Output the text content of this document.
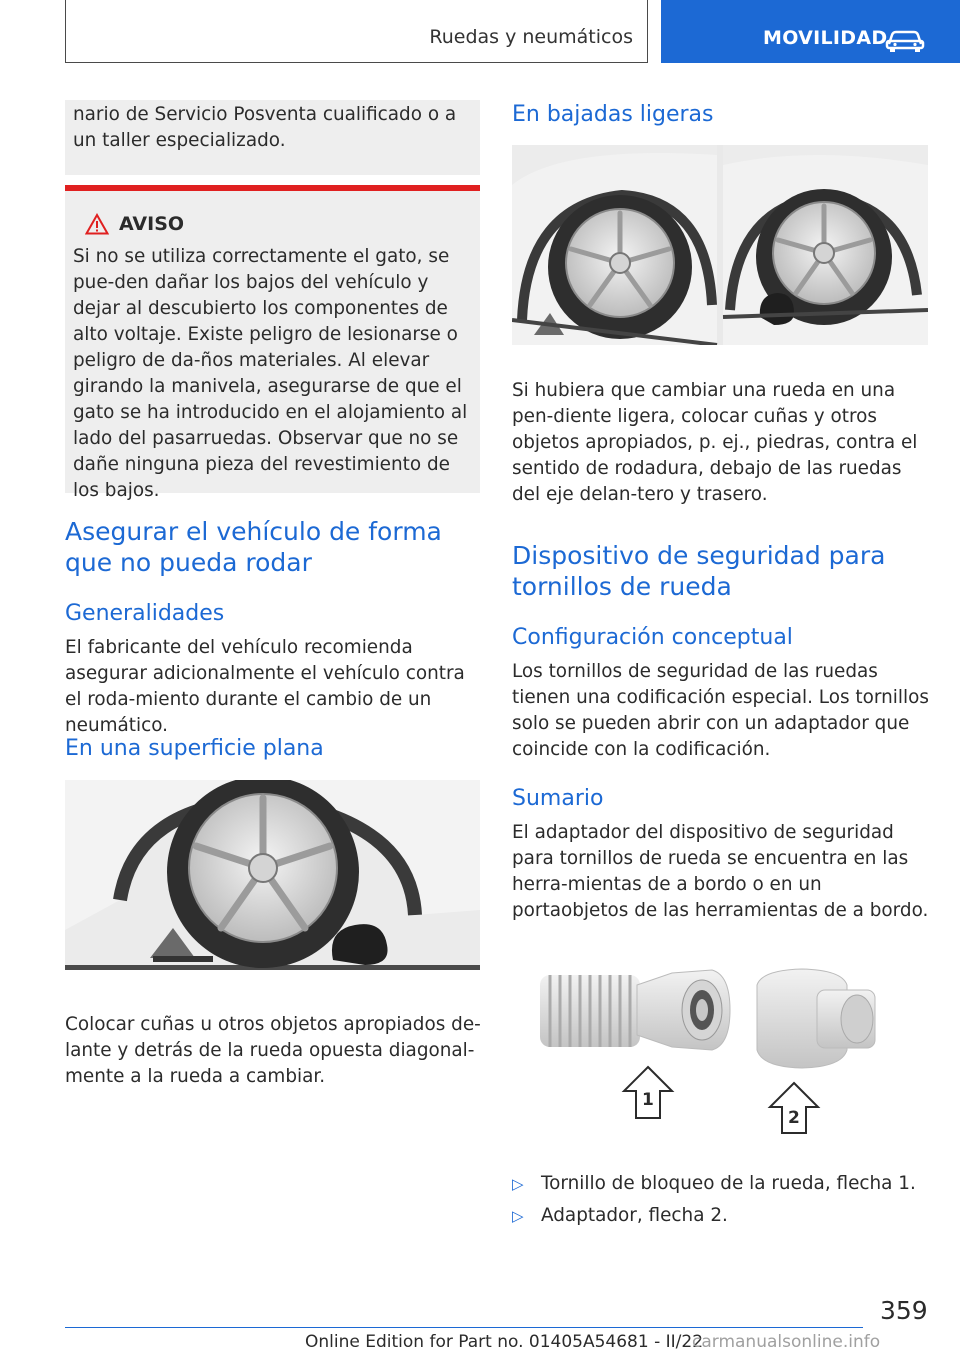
Ruedas y neumáticos	MOVILIDAD

nario de Servicio Posventa cualificado o a un taller especializado.

AVISO

Si no se utiliza correctamente el gato, se pue‐den dañar los bajos del vehículo y dejar al descubierto los componentes de alto voltaje. Existe peligro de lesionarse o peligro de da‐ños materiales. Al elevar girando la manivela, asegurarse de que el gato se ha introducido en el alojamiento al lado del pasarruedas. Observar que no se dañe ninguna pieza del revestimiento de los bajos.

Asegurar el vehículo de forma que no pueda rodar
Generalidades

El fabricante del vehículo recomienda asegurar adicionalmente el vehículo contra el roda‐miento durante el cambio de un neumático.

En una superficie plana

Colocar cuñas u otros objetos apropiados de‐lante y detrás de la rueda opuesta diagonal‐mente a la rueda a cambiar.

En bajadas ligeras

Si hubiera que cambiar una rueda en una pen‐diente ligera, colocar cuñas y otros objetos apropiados, p. ej., piedras, contra el sentido de rodadura, debajo de las ruedas del eje delan‐tero y trasero.

Dispositivo de seguridad para tornillos de rueda
Configuración conceptual

Los tornillos de seguridad de las ruedas tienen una codificación especial. Los tornillos solo se pueden abrir con un adaptador que coincide con la codificación.

Sumario

El adaptador del dispositivo de seguridad para tornillos de rueda se encuentra en las herra‐mientas de a bordo o en un portaobjetos de las herramientas de a bordo.

1
2
▷ Tornillo de bloqueo de la rueda, flecha 1.
▷ Adaptador, flecha 2.
359
Online Edition for Part no. 01405A54681 - II/22
carmanualsonline.info
